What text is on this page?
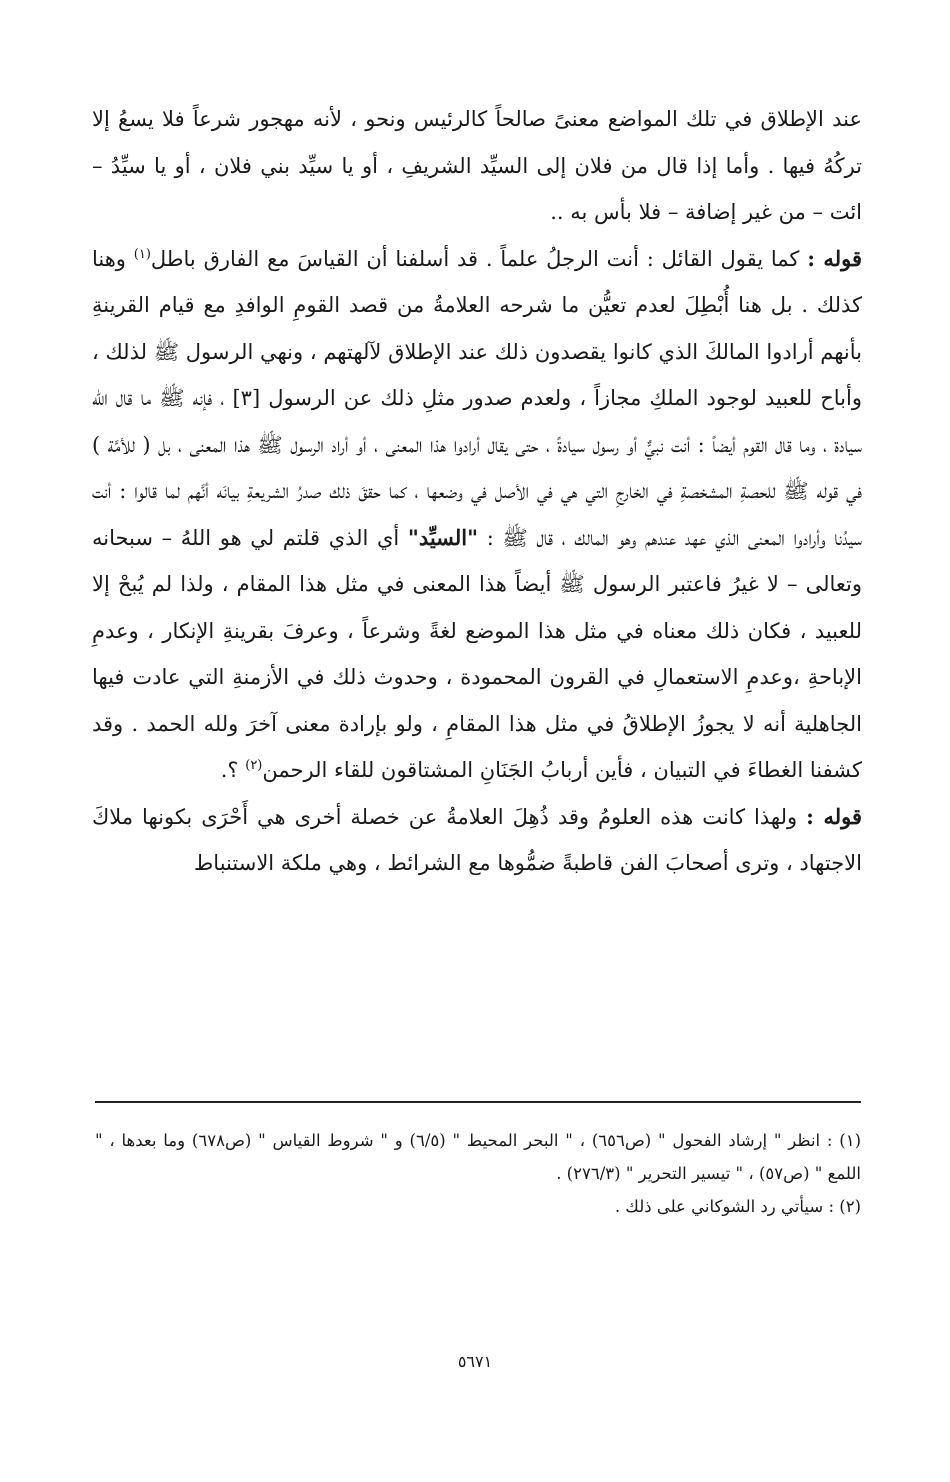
عند الإطلاق في تلك المواضع معنىً صالحاً كالرئيس ونحو ، لأنه مهجور شرعاً فلا يسعُ إلا تركُهُ فيها . وأما إذا قال من فلان إلى السيِّد الشريفِ ، أو يا سيِّد بني فلان ، أو يا سيِّدُ – ائت – من غير إضافة – فلا بأس به ..

قوله : كما يقول القائل : أنت الرجلُ علماً . قد أسلفنا أن القياسَ مع الفارق باطل$^{(١)}$ وهنا كذلك . بل هنا أُبْطِلَ لعدم تعيُّن ما شرحه العلامةُ من قصد القومِ الوافدِ مع قيام القرينةِ بأنهم أرادوا المالكَ الذي كانوا يقصدون ذلك عند الإطلاق لآلهتهم ، ونهي الرسول ﷺ لذلك ، وأباح للعبيد لوجود الملكِ مجازاً ، ولعدم صدور مثلِ ذلك عن الرسول [٣] ، فإنه ﷺ ما قال الله سيادة ، وما قال القوم أيضاً : أنت نبيٌّ أو رسول سيادةً ، حتى يقال أرادوا هذا المعنى ، أو أراد الرسول ﷺ هذا المعنى ، بل ( للأمَّة ) في قوله ﷺ للحصةِ المشخصةِ في الخارجِ التي هي في الأصل في وضعها ، كما حققَ ذلك صدرُ الشريعةِ بيانَه أنَّهم لما قالوا : أنت سيدُنا وأرادوا المعنى الذي عهد عندهم وهو المالك ، قال ﷺ : "السيِّد" أي الذي قلتم لي هو اللهُ – سبحانه وتعالى – لا غيرُ فاعتبر الرسول ﷺ أيضاً هذا المعنى في مثل هذا المقام ، ولذا لم يُبحْ إلا للعبيد ، فكان ذلك معناه في مثل هذا الموضع لغةً وشرعاً ، وعرفَ بقرينةِ الإنكار ، وعدمِ الإباحةِ ،وعدمِ الاستعمالِ في القرون المحمودة ، وحدوث ذلك في الأزمنةِ التي عادت فيها الجاهلية أنه لا يجوزُ الإطلاقُ في مثل هذا المقامِ ، ولو بإرادة معنى آخرَ ولله الحمد . وقد كشفنا الغطاءَ في التبيان ، فأين أربابُ الجَنَانِ المشتاقون للقاء الرحمن$^{(٢)}$ ؟.

قوله : ولهذا كانت هذه العلومُ وقد ذُهِلَ العلامةُ عن خصلة أخرى هي أَحْرَى بكونها ملاكَ الاجتهاد ، وترى أصحابَ الفن قاطبةً ضمُّوها مع الشرائط ، وهي ملكة الاستنباط

(١) : انظر " إرشاد الفحول " (ص٦٥٦) ، " البحر المحيط " (٦/٥) و " شروط القياس " (ص٦٧٨) وما بعدها ، " اللمع " (ص٥٧) ، " تيسير التحرير " (٢٧٦/٣) .

(٢) : سيأتي رد الشوكاني على ذلك .

٥٦٧١
